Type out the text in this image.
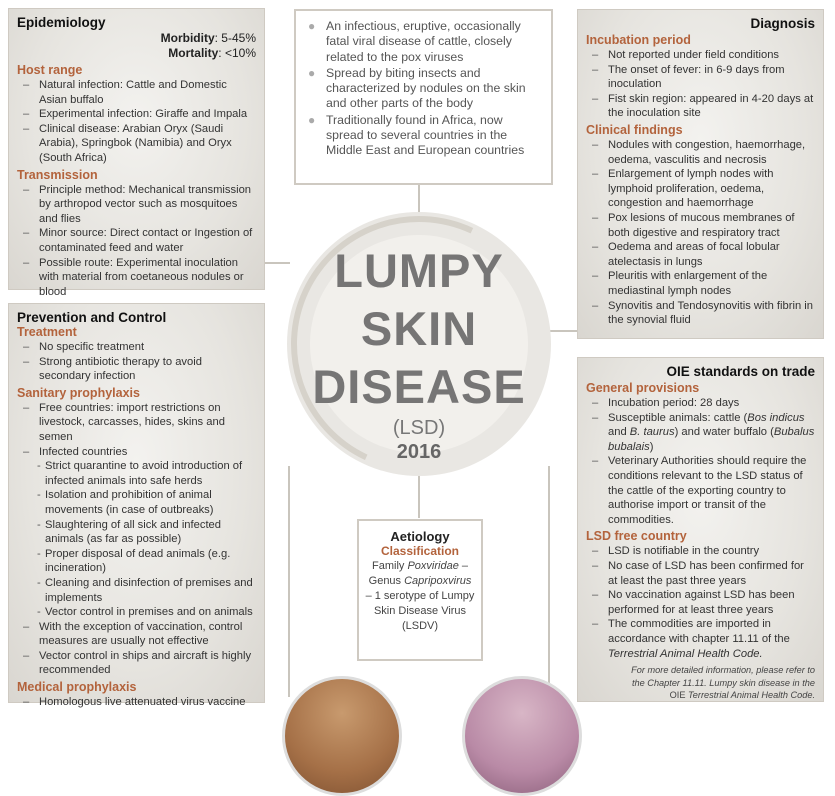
LUMPY
SKIN
DISEASE
(LSD)
2016
Epidemiology
Morbidity: 5-45%
Mortality: <10%
Host range
– Natural infection: Cattle and Domestic Asian buffalo
– Experimental infection: Giraffe and Impala
– Clinical disease: Arabian Oryx (Saudi Arabia), Springbok (Namibia) and Oryx (South Africa)
Transmission
– Principle method: Mechanical transmission by arthropod vector such as mosquitoes and flies
– Minor source: Direct contact or Ingestion of contaminated feed and water
– Possible route: Experimental inoculation with material from coetaneous nodules or blood
● An infectious, eruptive, occasionally fatal viral disease of cattle, closely related to the pox viruses
● Spread by biting insects and characterized by nodules on the skin and other parts of the body
● Traditionally found in Africa, now spread to several countries in the Middle East and European countries
Diagnosis
Incubation period
– Not reported under field conditions
– The onset of fever: in 6-9 days from inoculation
– Fist skin region: appeared in 4-20 days at the inoculation site
Clinical findings
– Nodules with congestion, haemorrhage, oedema, vasculitis and necrosis
– Enlargement of lymph nodes with lymphoid proliferation, oedema, congestion and haemorrhage
– Pox lesions of mucous membranes of both digestive and respiratory tract
– Oedema and areas of focal lobular atelectasis in lungs
– Pleuritis with enlargement of the mediastinal lymph nodes
– Synovitis and Tendosynovitis with fibrin in the synovial fluid
Prevention and Control
Treatment
– No specific treatment
– Strong antibiotic therapy to avoid secondary infection
Sanitary prophylaxis
– Free countries: import restrictions on livestock, carcasses, hides, skins and semen
– Infected countries
- Strict quarantine to avoid introduction of infected animals into safe herds
- Isolation and prohibition of animal movements (in case of outbreaks)
- Slaughtering of all sick and infected animals (as far as possible)
- Proper disposal of dead animals (e.g. incineration)
- Cleaning and disinfection of premises and implements
- Vector control in premises and on animals
– With the exception of vaccination, control measures are usually not effective
– Vector control in ships and aircraft is highly recommended
Medical prophylaxis
– Homologous live attenuated virus vaccine
Aetiology
Classification
Family Poxviridae –
Genus Capripoxvirus
– 1 serotype of Lumpy Skin Disease Virus (LSDV)
OIE standards on trade
General provisions
– Incubation period: 28 days
– Susceptible animals: cattle (Bos indicus and B. taurus) and water buffalo (Bubalus bubalais)
– Veterinary Authorities should require the conditions relevant to the LSD status of the cattle of the exporting country to authorise import or transit of the commodities.
LSD free country
– LSD is notifiable in the country
– No case of LSD has been confirmed for at least the past three years
– No vaccination against LSD has been performed for at least three years
– The commodities are imported in accordance with chapter 11.11 of the Terrestrial Animal Health Code.
For more detailed information, please refer to
the Chapter 11.11. Lumpy skin disease in the
OIE Terrestrial Animal Health Code.
